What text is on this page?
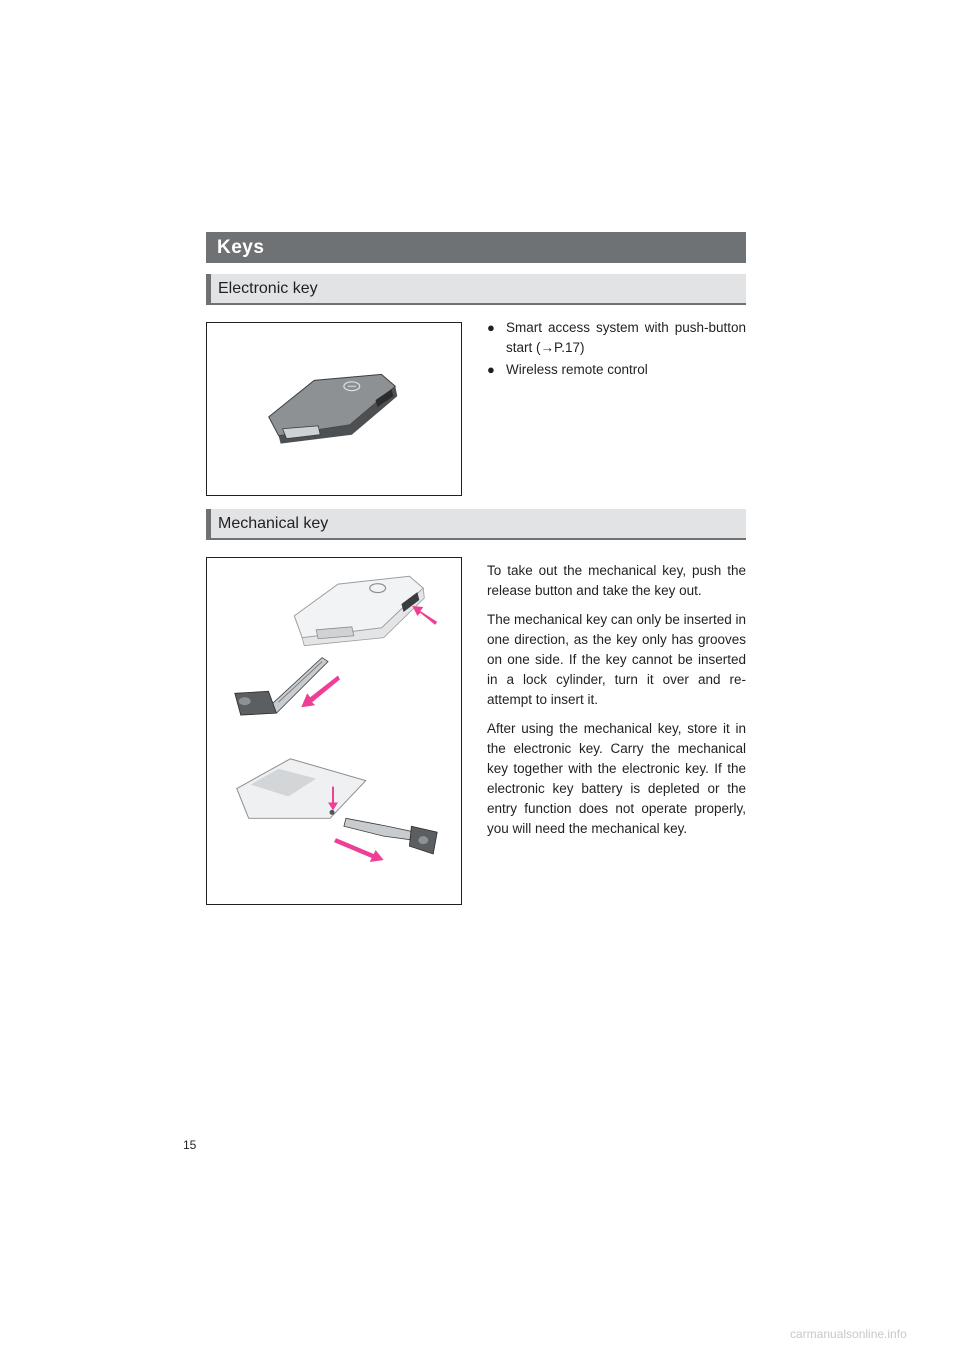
Keys
Electronic key
● Smart access system with push-button start (→P.17)
● Wireless remote control
Mechanical key

To take out the mechanical key, push the release button and take the key out.

The mechanical key can only be inserted in one direction, as the key only has grooves on one side. If the key cannot be inserted in a lock cylinder, turn it over and re-attempt to insert it.

After using the mechanical key, store it in the electronic key. Carry the mechanical key together with the electronic key. If the electronic key battery is depleted or the entry function does not operate properly, you will need the mechanical key.

15
carmanualsonline.info
